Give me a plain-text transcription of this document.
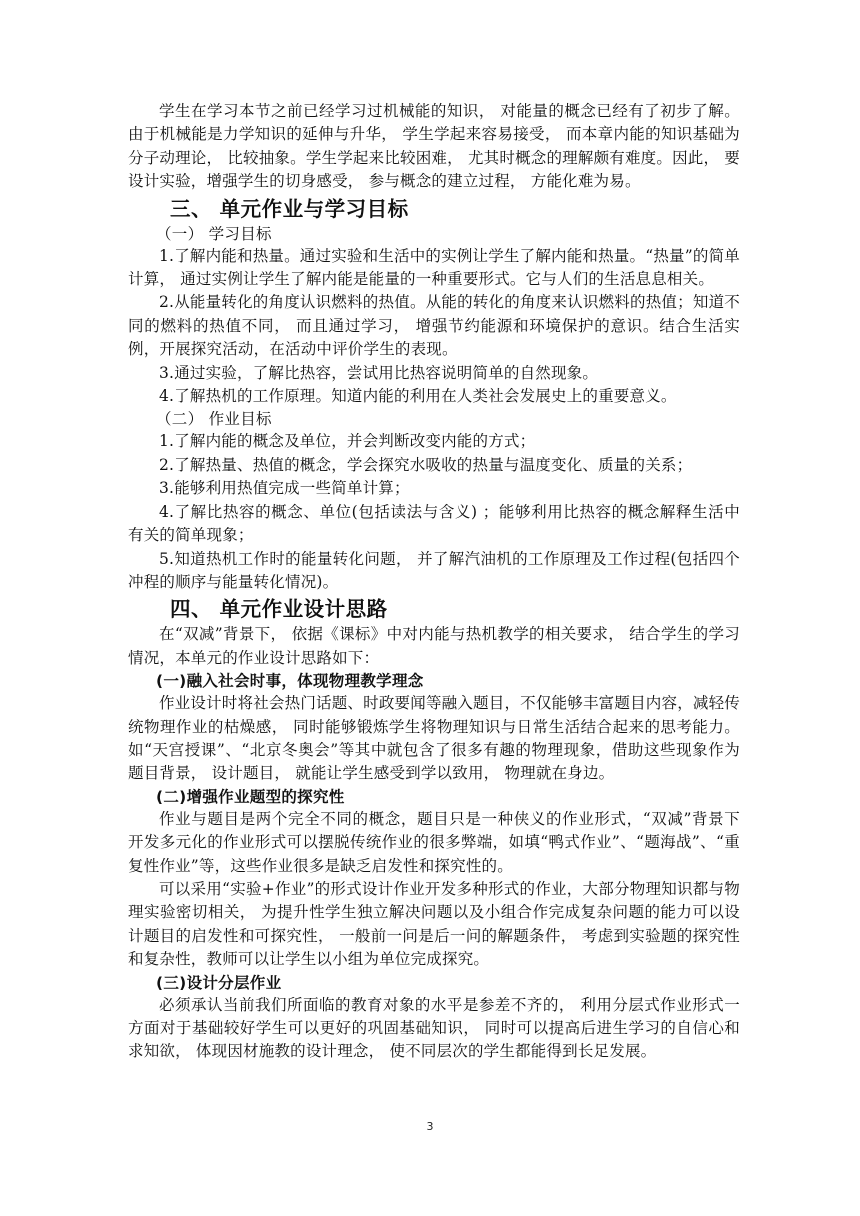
学生在学习本节之前已经学习过机械能的知识， 对能量的概念已经有了初步了解。由于机械能是力学知识的延伸与升华， 学生学起来容易接受， 而本章内能的知识基础为分子动理论， 比较抽象。学生学起来比较困难， 尤其时概念的理解颇有难度。因此， 要设计实验，增强学生的切身感受， 参与概念的建立过程， 方能化难为易。

三、 单元作业与学习目标
（一） 学习目标

1.了解内能和热量。通过实验和生活中的实例让学生了解内能和热量。“热量”的简单计算， 通过实例让学生了解内能是能量的一种重要形式。它与人们的生活息息相关。

2.从能量转化的角度认识燃料的热值。从能的转化的角度来认识燃料的热值；知道不同的燃料的热值不同， 而且通过学习， 增强节约能源和环境保护的意识。结合生活实例，开展探究活动，在活动中评价学生的表现。

3.通过实验，了解比热容，尝试用比热容说明简单的自然现象。

4.了解热机的工作原理。知道内能的利用在人类社会发展史上的重要意义。

（二） 作业目标

1.了解内能的概念及单位，并会判断改变内能的方式；

2.了解热量、热值的概念，学会探究水吸收的热量与温度变化、质量的关系；

3.能够利用热值完成一些简单计算；

4.了解比热容的概念、单位(包括读法与含义) ；能够利用比热容的概念解释生活中有关的简单现象；

5.知道热机工作时的能量转化问题， 并了解汽油机的工作原理及工作过程(包括四个冲程的顺序与能量转化情况)。

四、 单元作业设计思路

在“双减”背景下， 依据《课标》中对内能与热机教学的相关要求， 结合学生的学习情况，本单元的作业设计思路如下：

(一)融入社会时事，体现物理教学理念

作业设计时将社会热门话题、时政要闻等融入题目，不仅能够丰富题目内容，减轻传统物理作业的枯燥感， 同时能够锻炼学生将物理知识与日常生活结合起来的思考能力。如“天宫授课”、“北京冬奥会”等其中就包含了很多有趣的物理现象，借助这些现象作为题目背景， 设计题目， 就能让学生感受到学以致用， 物理就在身边。

(二)增强作业题型的探究性

作业与题目是两个完全不同的概念，题目只是一种侠义的作业形式，“双减”背景下开发多元化的作业形式可以摆脱传统作业的很多弊端，如填“鸭式作业”、“题海战”、“重复性作业”等，这些作业很多是缺乏启发性和探究性的。

可以采用“实验+作业”的形式设计作业开发多种形式的作业，大部分物理知识都与物理实验密切相关， 为提升性学生独立解决问题以及小组合作完成复杂问题的能力可以设计题目的启发性和可探究性， 一般前一问是后一问的解题条件， 考虑到实验题的探究性和复杂性，教师可以让学生以小组为单位完成探究。

(三)设计分层作业

必须承认当前我们所面临的教育对象的水平是参差不齐的， 利用分层式作业形式一方面对于基础较好学生可以更好的巩固基础知识， 同时可以提高后进生学习的自信心和求知欲， 体现因材施教的设计理念， 使不同层次的学生都能得到长足发展。

3
